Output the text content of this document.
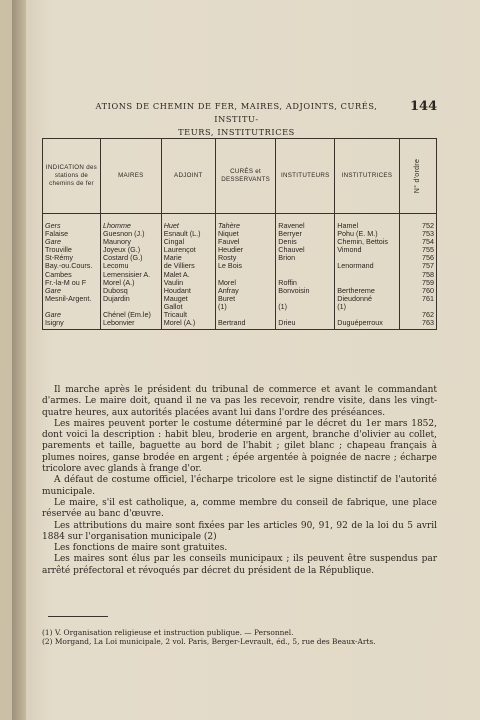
ATIONS DE CHEMIN DE FER, MAIRES, ADJOINTS, CURÉS, INSTITU-
TEURS, INSTITUTRICES
144
INDICATION des stations de chemins de fer	MAIRES	ADJOINT	CURÉS et DESSERVANTS	INSTITUTEURS	INSTITUTRICES	N° d'ordre
Gers	Lhomme	Huet	Tahère	Ravenel	Hamel	752
Falaise	Guesnon (J.)	Esnault (L.)	Niquet	Berryer	Pohu (E. M.)	753
Gare	Maunory	Cingal	Fauvel	Denis	Chemin, Bettois	754
Trouville	Joyeux (G.)	Laurençot	Heudier	Chauvel	Vimond	755
St-Rémy	Costard (G.)	Marie	Rosty	Brion		756
Bay.-ou.Cours.	Lecomu	de Villiers	Le Bois		Lenormand	757
Cambes	Lemensisier A.	Malet A.				758
Fr.-la-M ou F	Morel (A.)	Vaulin	Morel	Roffin		759
Gare	Dubosq	Houdant	Anfray	Bonvoisin	Berthereme	760
Mesnil-Argent.	Dujardin	Mauget	Buret		Dieudonné	761
		Gallot	(1)	(1)	(1)	
Gare	Chénel (Em.le)	Tricault				762
Isigny	Lebonvier	Morel (A.)	Bertrand	Drieu	Duguéperroux	763

Il marche après le président du tribunal de commerce et avant le commandant d'armes. Le maire doit, quand il ne va pas les recevoir, rendre visite, dans les vingt-quatre heures, aux autorités placées avant lui dans l'ordre des préséances.

Les maires peuvent porter le costume déterminé par le décret du 1er mars 1852, dont voici la description : habit bleu, broderie en argent, branche d'olivier au collet, parements et taille, baguette au bord de l'habit ; gilet blanc ; chapeau français à plumes noires, ganse brodée en argent ; épée argentée à poignée de nacre ; écharpe tricolore avec glands à frange d'or.

A défaut de costume officiel, l'écharpe tricolore est le signe distinctif de l'autorité municipale.

Le maire, s'il est catholique, a, comme membre du conseil de fabrique, une place réservée au banc d'œuvre.

Les attributions du maire sont fixées par les articles 90, 91, 92 de la loi du 5 avril 1884 sur l'organisation municipale (2)

Les fonctions de maire sont gratuites.

Les maires sont élus par les conseils municipaux ; ils peuvent être suspendus par arrêté préfectoral et révoqués par décret du président de la République.

(1) V. Organisation religieuse et instruction publique. — Personnel.

(2) Morgand, La Loi municipale, 2 vol. Paris, Berger-Levrault, éd., 5, rue des Beaux-Arts.
